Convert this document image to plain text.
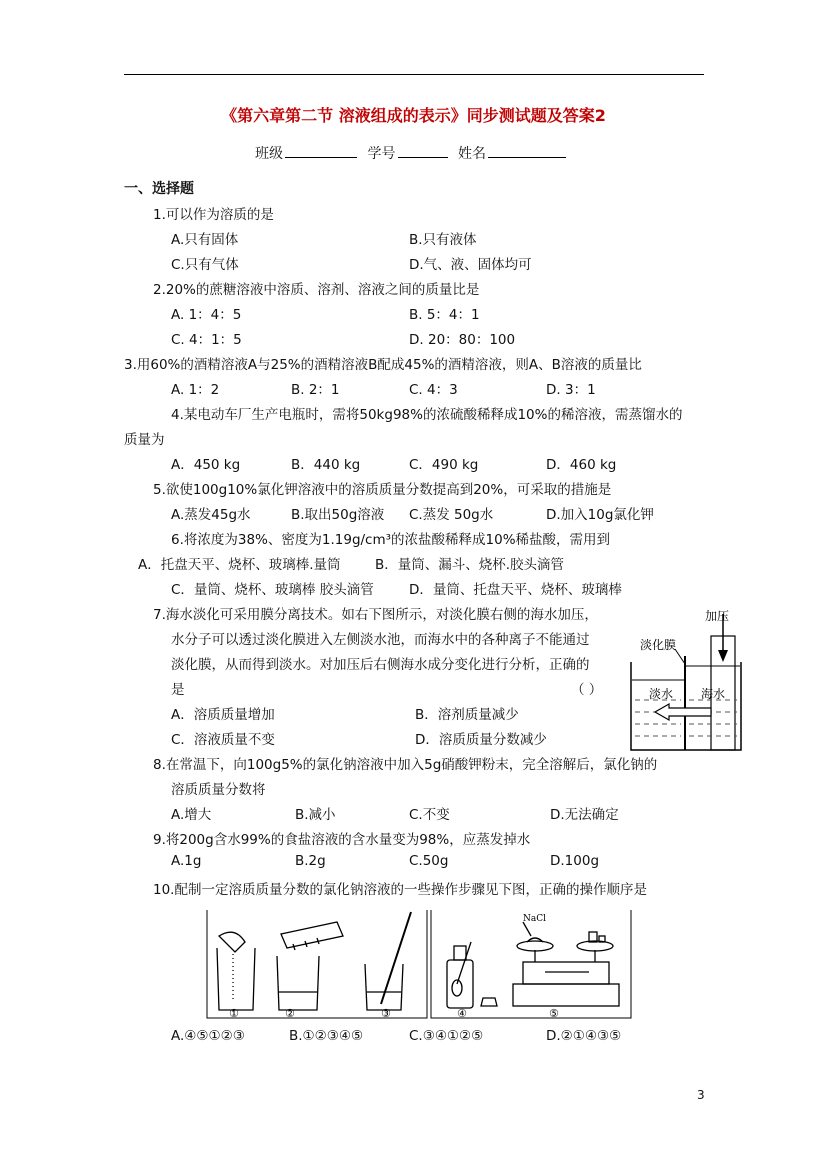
《第六章第二节 溶液组成的表示》同步测试题及答案2
班级	学号	姓名
一、选择题
1.可以作为溶质的是
A.只有固体	B.只有液体
C.只有气体	D.气、液、固体均可
2.20%的蔗糖溶液中溶质、溶剂、溶液之间的质量比是
A. 1：4：5	B. 5：4：1
C. 4：1：5	D. 20：80：100
3.用60%的酒精溶液A与25%的酒精溶液B配成45%的酒精溶液，则A、B溶液的质量比
A. 1：2	B. 2：1	C. 4：3	D. 3：1
4.某电动车厂生产电瓶时，需将50kg98%的浓硫酸稀释成10%的稀溶液，需蒸馏水的
质量为
A．450 kg	B．440 kg	C．490 kg	D．460 kg
5.欲使100g10%氯化钾溶液中的溶质质量分数提高到20%，可采取的措施是
A.蒸发45g水	B.取出50g溶液 C.蒸发 50g水	D.加入10g氯化钾
6.将浓度为38%、密度为1.19g/cm³的浓盐酸稀释成10%稀盐酸，需用到
A．托盘天平、烧杯、玻璃棒.量筒	B．量筒、漏斗、烧杯.胶头滴管
C．量筒、烧杯、玻璃棒 胶头滴管	D．量筒、托盘天平、烧杯、玻璃棒
7.海水淡化可采用膜分离技术。如右下图所示，对淡化膜右侧的海水加压，
水分子可以透过淡化膜进入左侧淡水池，而海水中的各种离子不能通过
淡化膜，从而得到淡水。对加压后右侧海水成分变化进行分析，正确的
是	（ ）
A．溶质质量增加	B．溶剂质量减少
C．溶液质量不变	D．溶质质量分数减少
加压
淡化膜
淡水 海水
8.在常温下，向100g5%的氯化钠溶液中加入5g硝酸钾粉末，完全溶解后，氯化钠的
溶质质量分数将
A.增大	B.减小	C.不变	D.无法确定
9.将200g含水99%的食盐溶液的含水量变为98%，应蒸发掉水
A.1g	B.2g	C.50g	D.100g
10.配制一定溶质质量分数的氯化钠溶液的一些操作步骤见下图，正确的操作顺序是
NaCl
①	②	③	④	⑤
A.④⑤①②③	B.①②③④⑤	C.③④①②⑤	D.②①④③⑤
3
